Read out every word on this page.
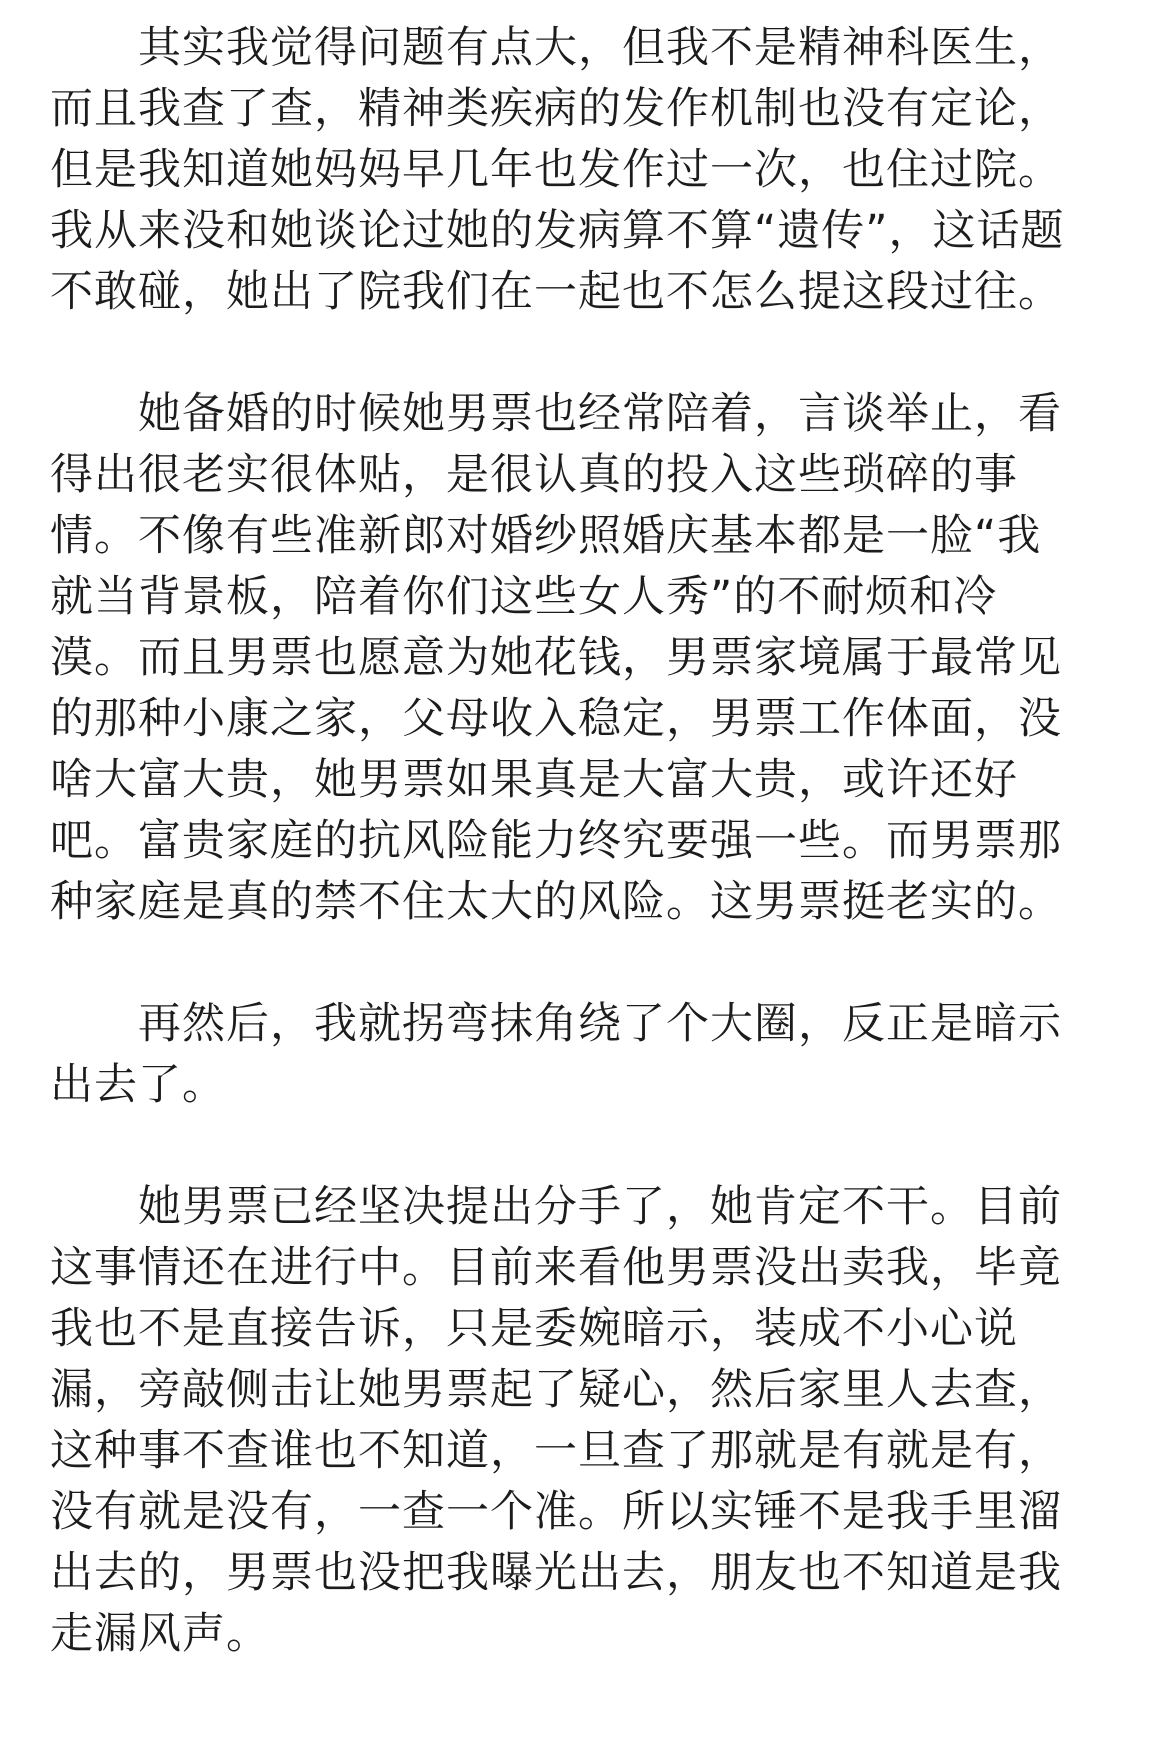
其实我觉得问题有点大，但我不是精神科医生，
而且我查了查，精神类疾病的发作机制也没有定论，
但是我知道她妈妈早几年也发作过一次，也住过院。
我从来没和她谈论过她的发病算不算“遗传”，这话题
不敢碰，她出了院我们在一起也不怎么提这段过往。

她备婚的时候她男票也经常陪着，言谈举止，看
得出很老实很体贴，是很认真的投入这些琐碎的事
情。不像有些准新郎对婚纱照婚庆基本都是一脸“我
就当背景板，陪着你们这些女人秀”的不耐烦和冷
漠。而且男票也愿意为她花钱，男票家境属于最常见
的那种小康之家，父母收入稳定，男票工作体面，没
啥大富大贵，她男票如果真是大富大贵，或许还好
吧。富贵家庭的抗风险能力终究要强一些。而男票那
种家庭是真的禁不住太大的风险。这男票挺老实的。

再然后，我就拐弯抹角绕了个大圈，反正是暗示
出去了。

她男票已经坚决提出分手了，她肯定不干。目前
这事情还在进行中。目前来看他男票没出卖我，毕竟
我也不是直接告诉，只是委婉暗示，装成不小心说
漏，旁敲侧击让她男票起了疑心，然后家里人去查，
这种事不查谁也不知道，一旦查了那就是有就是有，
没有就是没有，一查一个准。所以实锤不是我手里溜
出去的，男票也没把我曝光出去，朋友也不知道是我
走漏风声。
